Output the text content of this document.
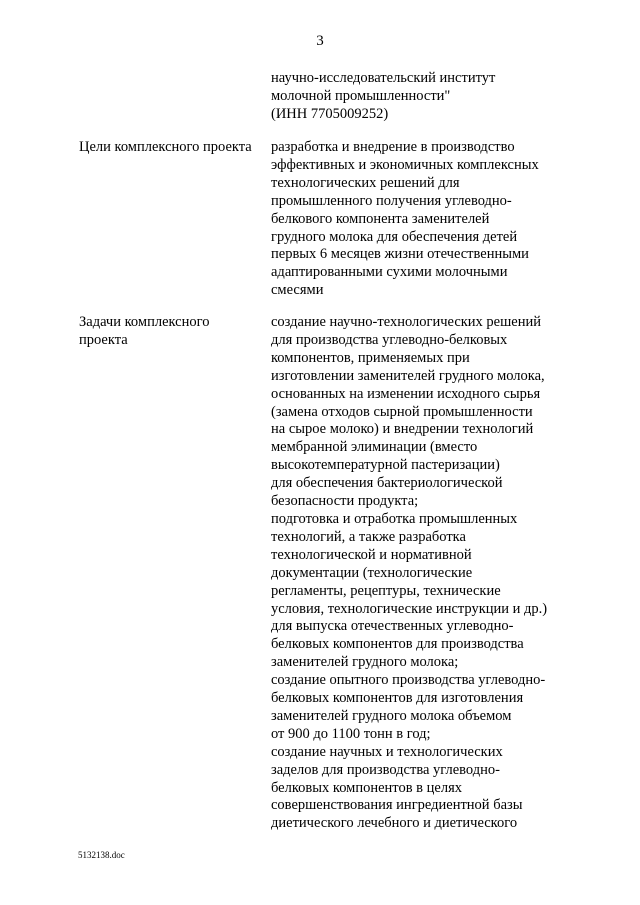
3
научно-исследовательский институт
молочной промышленности"
(ИНН 7705009252)
Цели комплексного проекта разработка и внедрение в производство
эффективных и экономичных комплексных
технологических решений для
промышленного получения углеводно-
белкового компонента заменителей
грудного молока для обеспечения детей
первых 6 месяцев жизни отечественными
адаптированными сухими молочными
смесями
Задачи комплексного
проекта
создание научно-технологических решений
для производства углеводно-белковых
компонентов, применяемых при
изготовлении заменителей грудного молока,
основанных на изменении исходного сырья
(замена отходов сырной промышленности
на сырое молоко) и внедрении технологий
мембранной элиминации (вместо
высокотемпературной пастеризации)
для обеспечения бактериологической
безопасности продукта;
подготовка и отработка промышленных
технологий, а также разработка
технологической и нормативной
документации (технологические
регламенты, рецептуры, технические
условия, технологические инструкции и др.)
для выпуска отечественных углеводно-
белковых компонентов для производства
заменителей грудного молока;
создание опытного производства углеводно-
белковых компонентов для изготовления
заменителей грудного молока объемом
от 900 до 1100 тонн в год;
создание научных и технологических
заделов для производства углеводно-
белковых компонентов в целях
совершенствования ингредиентной базы
диетического лечебного и диетического
5132138.doc
